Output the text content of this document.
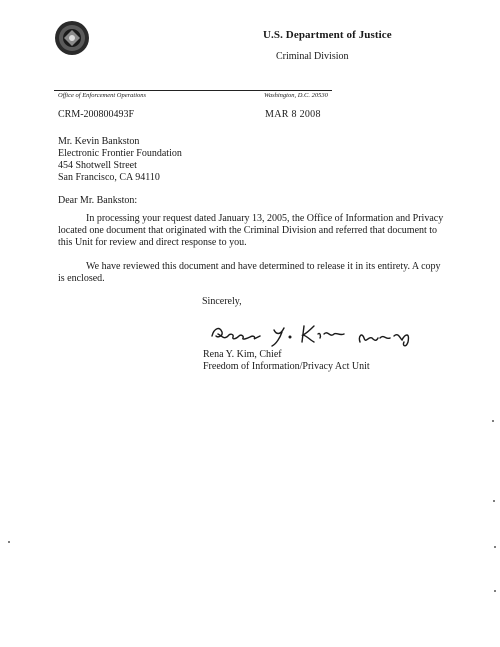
U.S. Department of Justice
Criminal Division
Office of Enforcement Operations	Washington, D.C. 20530
CRM-200800493F	MAR 8 2008
Mr. Kevin Bankston
Electronic Frontier Foundation
454 Shotwell Street
San Francisco, CA 94110
Dear Mr. Bankston:
In processing your request dated January 13, 2005, the Office of Information and Privacy
located one document that originated with the Criminal Division and referred that document to
this Unit for review and direct response to you.
We have reviewed this document and have determined to release it in its entirety. A copy
is enclosed.
Sincerely,
Rena Y. Kim, Chief
Freedom of Information/Privacy Act Unit
